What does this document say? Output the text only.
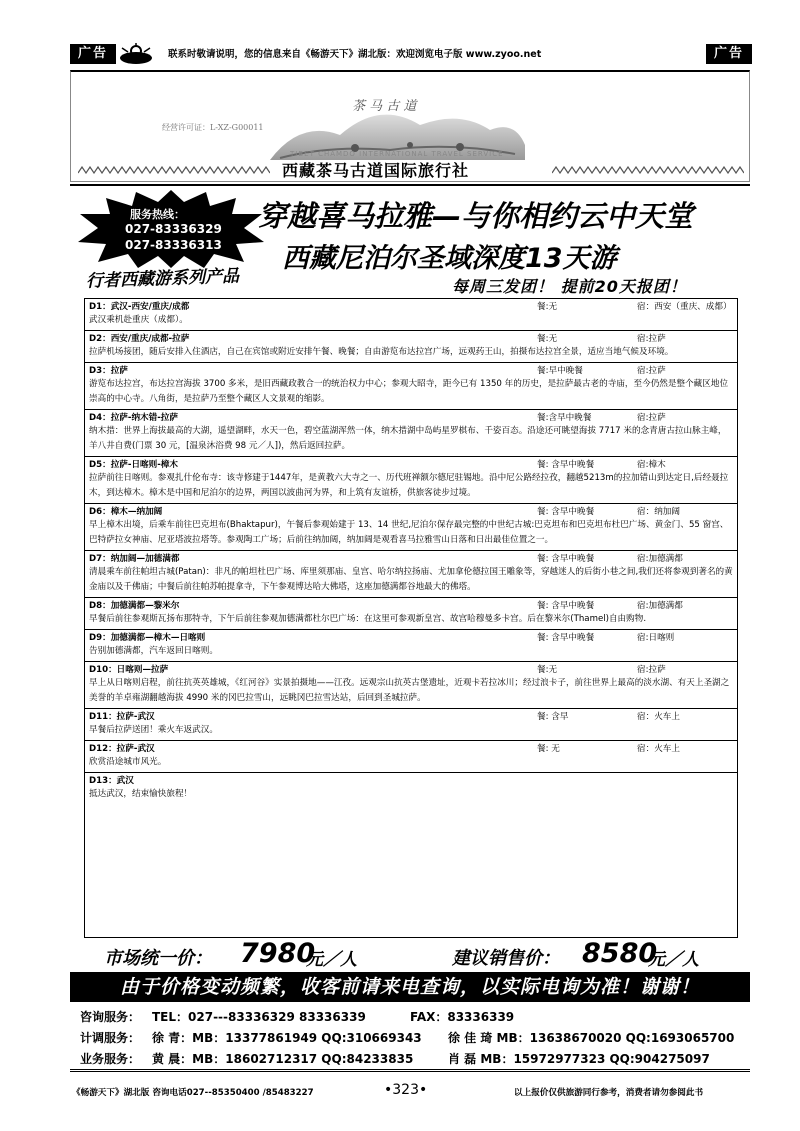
广告	联系时敬请说明，您的信息来自《畅游天下》湖北版：欢迎浏览电子版 www.zyoo.net	广告
经营许可证：L-XZ-G00011
茶 马 古 道
TIBET CHAMDO INTERNATIONAL TRAVEL SERVICE
西藏茶马古道国际旅行社
服务热线：
027-83336329
027-83336313
行者西藏游系列产品
穿越喜马拉雅—与你相约云中天堂
西藏尼泊尔圣域深度13天游
每周三发团！ 提前20天报团！
D1：武汉-西安/重庆/成都	餐:无	宿：西安（重庆、成都）
武汉乘机赴重庆（成都）。
D2：西安/重庆/成都-拉萨	餐:无	宿:拉萨
拉萨机场接团，随后安排入住酒店，自己在宾馆或附近安排午餐、晚餐；自由游览布达拉宫广场，远观药王山，拍摄布达拉宫全景，适应当地气候及环境。
D3：拉萨	餐:早中晚餐	宿:拉萨
游览布达拉宫，布达拉宫海拔 3700 多米，是旧西藏政教合一的统治权力中心；参观大昭寺，距今已有 1350 年的历史，是拉萨最古老的寺庙，至今仍然是整个藏区地位崇高的中心寺。八角街，是拉萨乃至整个藏区人文景观的缩影。
D4：拉萨-纳木错-拉萨	餐:含早中晚餐	宿:拉萨
纳木措：世界上海拔最高的大湖，遥望湖畔，水天一色，碧空蓝湖浑然一体，纳木措湖中岛屿星罗棋布、千姿百态。沿途还可眺望海拔 7717 米的念青唐古拉山脉主峰，羊八井自费(门票 30 元，[温泉沐浴费 98 元／人])，然后返回拉萨。
D5：拉萨-日喀则-樟木	餐: 含早中晚餐	宿:樟木
拉萨前往日喀则。参观扎什伦布寺：该寺修建于1447年，是黄教六大寺之一、历代班禅额尔德尼驻锡地。沿中尼公路经拉孜，翻越5213m的拉加错山到达定日,后经聂拉木，到达樟木。樟木是中国和尼泊尔的边界，两国以波曲河为界，和上筑有友谊桥，供旅客徒步过境。
D6：樟木—纳加阔	餐: 含早中晚餐	宿：纳加阔
早上樟木出境，后乘车前往巴克坦布(Bhaktapur)，午餐后参观始建于 13、14 世纪,尼泊尔保存最完整的中世纪古城:巴克坦布和巴克坦布杜巴广场、黄金门、55 窗宫、巴特萨拉女神庙、尼亚塔波拉塔等。参观陶工广场；后前往纳加阔，纳加阔是观看喜马拉雅雪山日落和日出最佳位置之一。
D7：纳加阔—加德满都	餐: 含早中晚餐	宿:加德满都
清晨乘车前往帕坦古城(Patan)：非凡的帕坦杜巴广场、库里须那庙、皇宫、哈尔纳拉扬庙、尤加拿伦德拉国王雕象等，穿越迷人的后街小巷之间,我们还将参观到著名的黄金庙以及千佛庙；中餐后前往帕苏帕提拿寺，下午参观博达哈大佛塔，这座加德满都谷地最大的佛塔。
D8：加德满都—黎米尔	餐: 含早中晚餐	宿:加德满都
早餐后前往参观斯瓦扬布那特寺，下午后前往参观加德满都杜尔巴广场：在这里可参观新皇宫、故宫哈穆曼多卡宫。后在黎米尔(Thamel)自由购物.
D9：加德满都—樟木—日喀则	餐: 含早中晚餐	宿:日喀则
告别加德满都，汽车返回日喀则。
D10：日喀则—拉萨	餐:无	宿:拉萨
早上从日喀则启程，前往抗英英雄城，《红河谷》实景拍摄地——江孜。远观宗山抗英古堡遗址，近观卡若拉冰川；经过浪卡子，前往世界上最高的淡水湖、有天上圣湖之美誉的羊卓雍湖翻越海拔 4990 米的冈巴拉雪山，远眺冈巴拉雪达站，后回到圣城拉萨。
D11：拉萨-武汉	餐: 含早	宿：火车上
早餐后拉萨送团！乘火车返武汉。
D12：拉萨-武汉	餐: 无	宿：火车上
欣赏沿途城市风光。
D13：武汉
抵达武汉，结束愉快旅程！
市场统一价： 7980
元／人	建议销售价： 8580
元／人
由于价格变动频繁，收客前请来电查询，以实际电询为准！谢谢！
咨询服务： TEL：027---83336329 83336339	FAX：83336339
计调服务： 徐 青：MB：13377861949 QQ:310669343 徐 佳 琦 MB：13638670020 QQ:1693065700
业务服务： 黄 晨：MB：18602712317 QQ:84233835	肖 磊 MB：15972977323 QQ:904275097
《畅游天下》湖北版 咨询电话027--85350400 /85483227	•323•	以上报价仅供旅游同行参考，消费者请勿参阅此书
